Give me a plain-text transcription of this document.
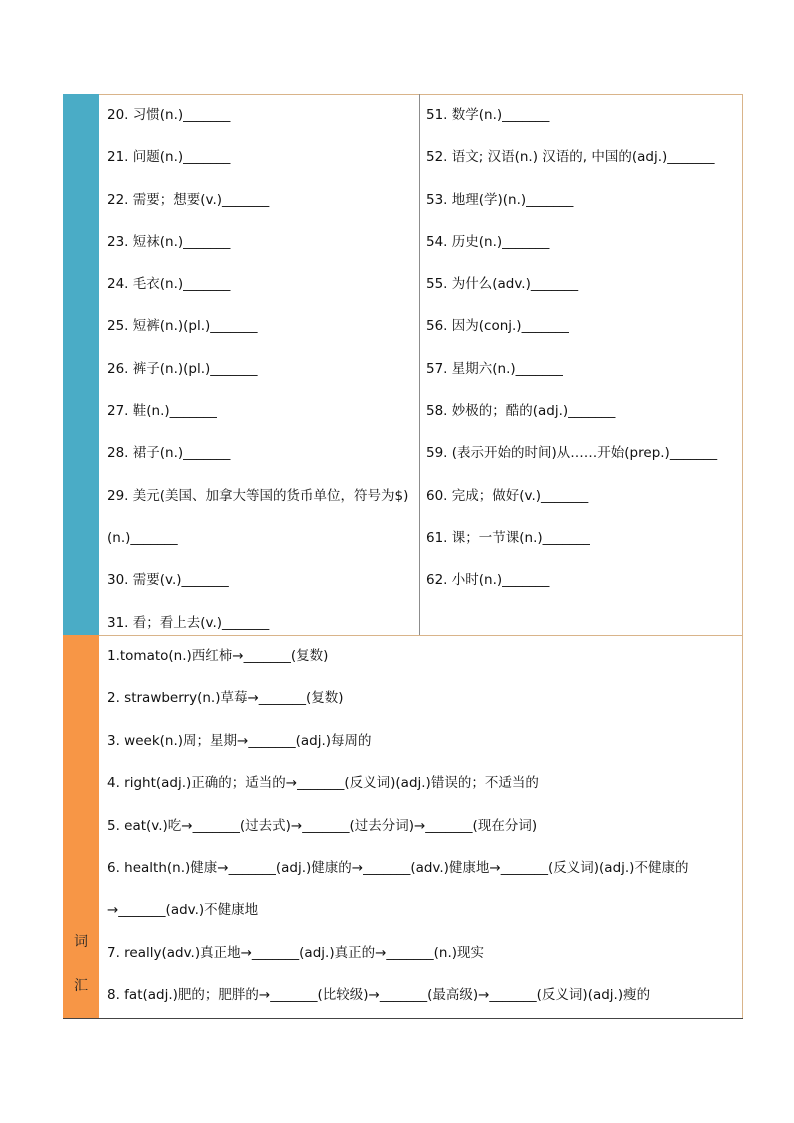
词
汇
20. 习惯(n.)_______
21. 问题(n.)_______
22. 需要；想要(v.)_______
23. 短袜(n.)_______
24. 毛衣(n.)_______
25. 短裤(n.)(pl.)_______
26. 裤子(n.)(pl.)_______
27. 鞋(n.)_______
28. 裙子(n.)_______
29. 美元(美国、加拿大等国的货币单位，符号为$)(n.)_______
30. 需要(v.)_______
31. 看；看上去(v.)_______
51. 数学(n.)_______
52. 语文; 汉语(n.) 汉语的, 中国的(adj.)_______
53. 地理(学)(n.)_______
54. 历史(n.)_______
55. 为什么(adv.)_______
56. 因为(conj.)_______
57. 星期六(n.)_______
58. 妙极的；酷的(adj.)_______
59. (表示开始的时间)从……开始(prep.)_______
60. 完成；做好(v.)_______
61. 课；一节课(n.)_______
62. 小时(n.)_______
1.tomato(n.)西红柿→_______(复数)
2. strawberry(n.)草莓→_______(复数)
3. week(n.)周；星期→_______(adj.)每周的
4. right(adj.)正确的；适当的→_______(反义词)(adj.)错误的；不适当的
5. eat(v.)吃→_______(过去式)→_______(过去分词)→_______(现在分词)
6. health(n.)健康→_______(adj.)健康的→_______(adv.)健康地→_______(反义词)(adj.)不健康的→_______(adv.)不健康地
7. really(adv.)真正地→_______(adj.)真正的→_______(n.)现实
8. fat(adj.)肥的；肥胖的→_______(比较级)→_______(最高级)→_______(反义词)(adj.)瘦的
